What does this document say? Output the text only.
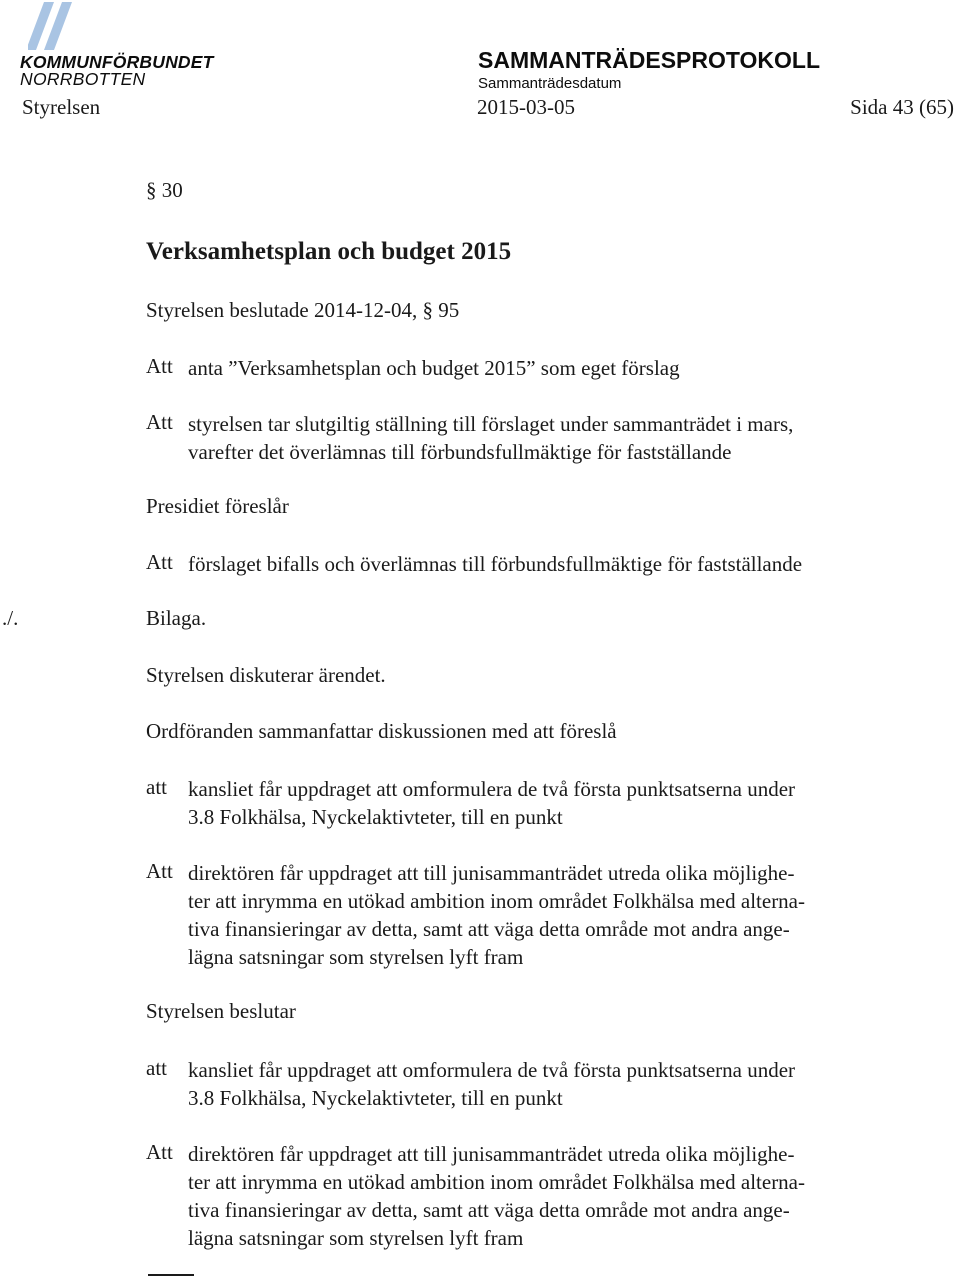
KOMMUNFÖRBUNDET
NORRBOTTEN
SAMMANTRÄDESPROTOKOLL
Sammanträdesdatum
Styrelsen	2015-03-05	Sida 43 (65)
§ 30
Verksamhetsplan och budget 2015
Styrelsen beslutade 2014-12-04, § 95
Att anta ”Verksamhetsplan och budget 2015” som eget förslag
Att styrelsen tar slutgiltig ställning till förslaget under sammanträdet i mars,
varefter det överlämnas till förbundsfullmäktige för fastställande
Presidiet föreslår
Att förslaget bifalls och överlämnas till förbundsfullmäktige för fastställande
./.	Bilaga.
Styrelsen diskuterar ärendet.
Ordföranden sammanfattar diskussionen med att föreslå
att kansliet får uppdraget att omformulera de två första punktsatserna under
3.8 Folkhälsa, Nyckelaktivteter, till en punkt
Att direktören får uppdraget att till junisammanträdet utreda olika möjlighe-
ter att inrymma en utökad ambition inom området Folkhälsa med alterna-
tiva finansieringar av detta, samt att väga detta område mot andra ange-
lägna satsningar som styrelsen lyft fram
Styrelsen beslutar
att kansliet får uppdraget att omformulera de två första punktsatserna under
3.8 Folkhälsa, Nyckelaktivteter, till en punkt
Att direktören får uppdraget att till junisammanträdet utreda olika möjlighe-
ter att inrymma en utökad ambition inom området Folkhälsa med alterna-
tiva finansieringar av detta, samt att väga detta område mot andra ange-
lägna satsningar som styrelsen lyft fram
